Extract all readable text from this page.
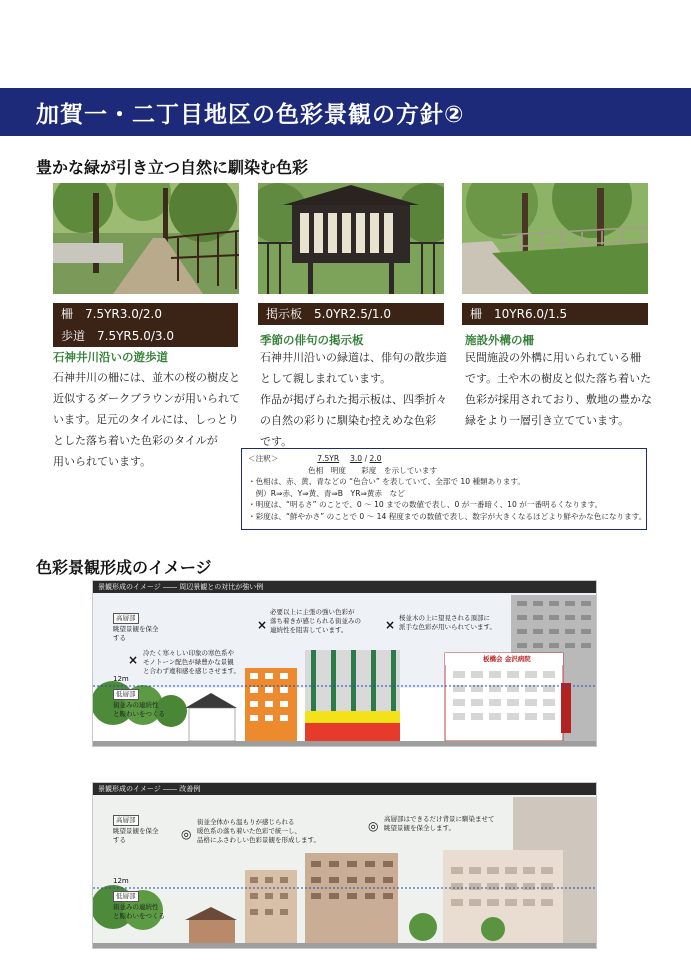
加賀一・二丁目地区の色彩景観の方針②
豊かな緑が引き立つ自然に馴染む色彩
柵　7.5YR3.0/2.0
歩道　7.5YR5.0/3.0
掲示板　5.0YR2.5/1.0	柵　10YR6.0/1.5
石神井川沿いの遊歩道
石神井川の柵には、並木の桜の樹皮と
近似するダークブラウンが用いられて
います。足元のタイルには、しっとり
とした落ち着いた色彩のタイルが
用いられています。
季節の俳句の掲示板
石神井川沿いの緑道は、俳句の散歩道
として親しまれています。
作品が掲げられた掲示板は、四季折々
の自然の彩りに馴染む控えめな色彩
です。
施設外構の柵
民間施設の外構に用いられている柵
です。土や木の樹皮と似た落ち着いた
色彩が採用されており、敷地の豊かな
緑をより一層引き立てています。
＜注釈＞	7.5YR 3.0 / 2.0
色相　明度　　彩度　を示しています
・色相は、赤、黄、青などの “色合い” を表していて、全部で 10 種類あります。
　例）R⇒赤、Y⇒黄、青⇒B　YR⇒黄赤　など
・明度は、“明るさ” のことで、0 ～ 10 までの数値で表し、0 が一番暗く、10 が一番明るくなります。
・彩度は、“鮮やかさ” のことで 0 ～ 14 程度までの数値で表し、数字が大きくなるほどより鮮やかな色になります。
色彩景観形成のイメージ
景観形成のイメージ ―― 周辺景観との対比が強い例
高層部
眺望景観を保全
する
低層部
街並みの連続性
と賑わいをつくる
12m
× 冷たく寒々しい印象の寒色系や
モノトーン配色が緑豊かな景観
と合わず違和感を感じさせます。
×
必要以上に主張の強い色彩が
落ち着きが感じられる街並みの
連続性を阻害しています。	× 桜並木の上に望見される頂部に
派手な色彩が用いられています。
板橋会 金沢病院
景観形成のイメージ ―― 改善例
高層部
眺望景観を保全
する
低層部
街並みの連続性
と賑わいをつくる
12m
◎
街並全体から温もりが感じられる
暖色系の落ち着いた色彩で統一し、
品格にふさわしい色彩景観を形成します。
◎ 高層部はできるだけ背景に馴染ませて
眺望景観を保全します。
